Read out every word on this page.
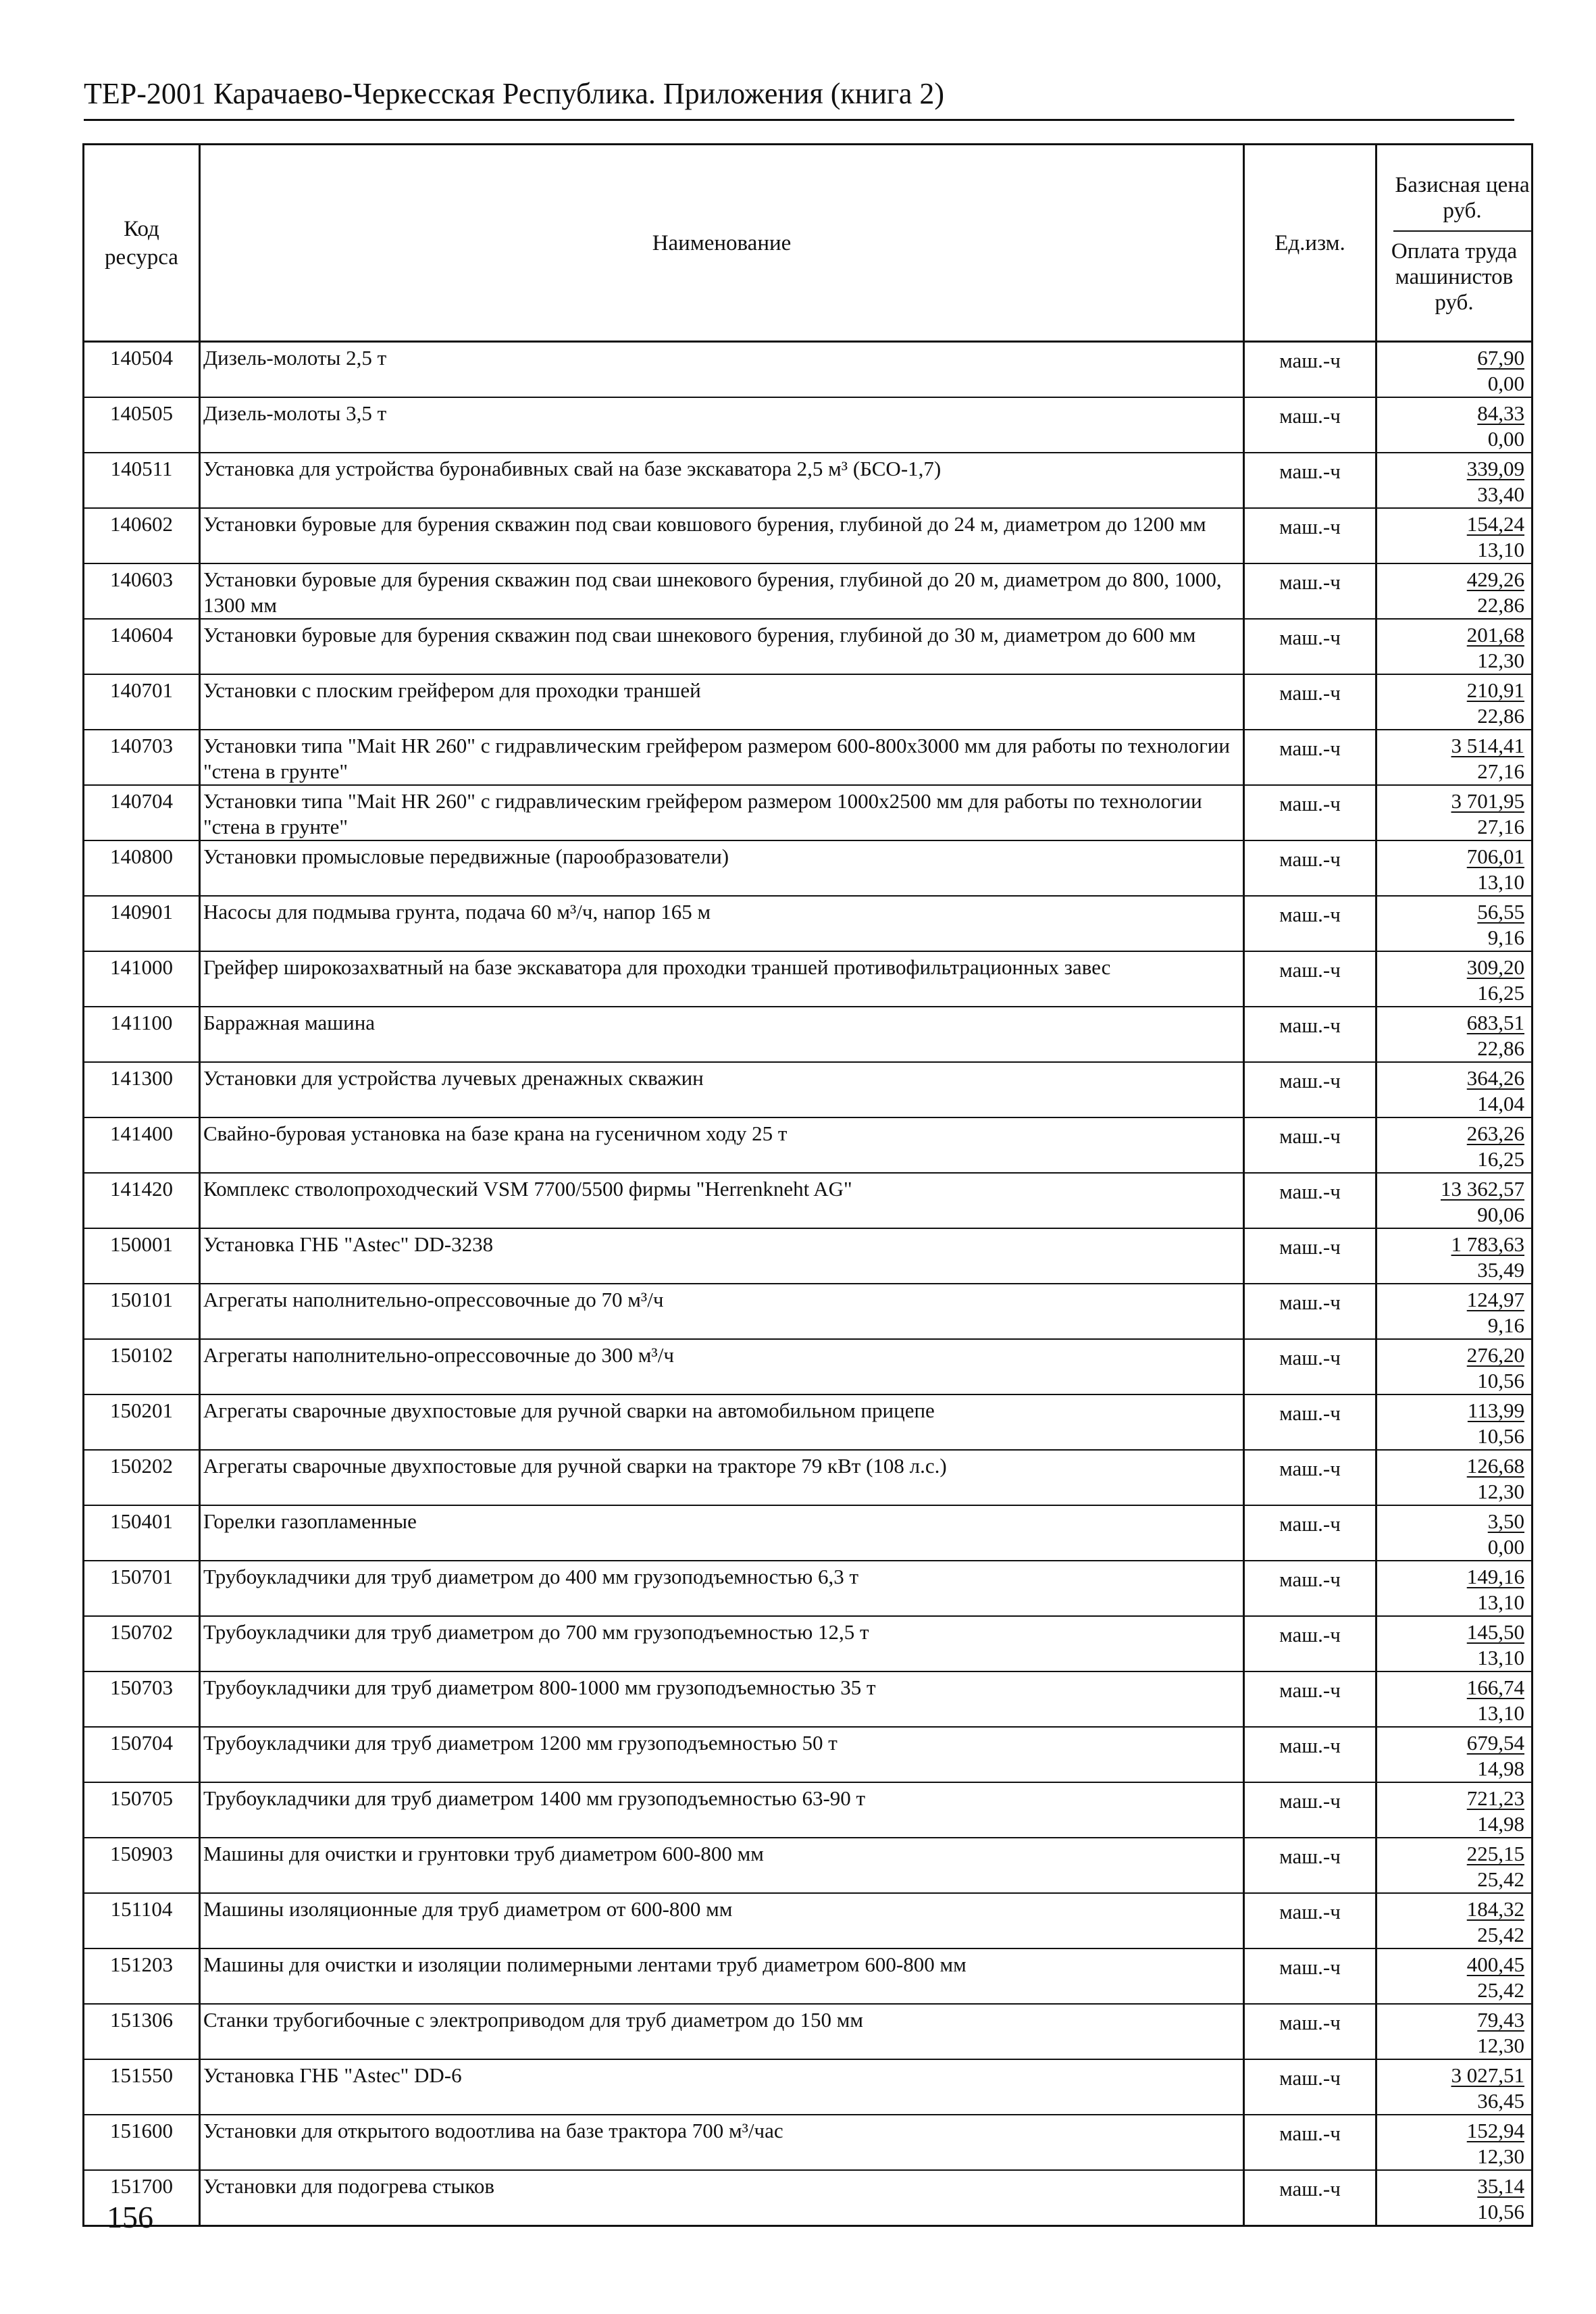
ТЕР-2001 Карачаево-Черкесская Республика. Приложения (книга 2)
Код ресурса	Наименование	Ед.изм.	Базисная цена руб.
Оплата труда машинистов руб.

140504	Дизель-молоты 2,5 т	маш.-ч	67,90
0,00

140505	Дизель-молоты 3,5 т	маш.-ч	84,33
0,00

140511	Установка для устройства буронабивных свай на базе экскаватора 2,5 м³ (БСО-1,7)	маш.-ч	339,09
33,40

140602	Установки буровые для бурения скважин под сваи ковшового бурения, глубиной до 24 м, диаметром до 1200 мм	маш.-ч	154,24
13,10

140603	Установки буровые для бурения скважин под сваи шнекового бурения, глубиной до 20 м, диаметром до 800, 1000, 1300 мм	маш.-ч	429,26
22,86

140604	Установки буровые для бурения скважин под сваи шнекового бурения, глубиной до 30 м, диаметром до 600 мм	маш.-ч	201,68
12,30

140701	Установки с плоским грейфером для проходки траншей	маш.-ч	210,91
22,86

140703	Установки типа "Mait HR 260" с гидравлическим грейфером размером 600-800x3000 мм для работы по технологии "стена в грунте"	маш.-ч	3 514,41
27,16

140704	Установки типа "Mait HR 260" с гидравлическим грейфером размером 1000x2500 мм для работы по технологии "стена в грунте"	маш.-ч	3 701,95
27,16

140800	Установки промысловые передвижные (парообразователи)	маш.-ч	706,01
13,10

140901	Насосы для подмыва грунта, подача 60 м³/ч, напор 165 м	маш.-ч	56,55
9,16

141000	Грейфер широкозахватный на базе экскаватора для проходки траншей противофильтрационных завес	маш.-ч	309,20
16,25

141100	Барражная машина	маш.-ч	683,51
22,86

141300	Установки для устройства лучевых дренажных скважин	маш.-ч	364,26
14,04

141400	Свайно-буровая установка на базе крана на гусеничном ходу 25 т	маш.-ч	263,26
16,25

141420	Комплекс стволопроходческий VSM 7700/5500 фирмы "Herrenkneht AG"	маш.-ч	13 362,57
90,06

150001	Установка ГНБ "Astec" DD-3238	маш.-ч	1 783,63
35,49

150101	Агрегаты наполнительно-опрессовочные до 70 м³/ч	маш.-ч	124,97
9,16

150102	Агрегаты наполнительно-опрессовочные до 300 м³/ч	маш.-ч	276,20
10,56

150201	Агрегаты сварочные двухпостовые для ручной сварки на автомобильном прицепе	маш.-ч	113,99
10,56

150202	Агрегаты сварочные двухпостовые для ручной сварки на тракторе 79 кВт (108 л.с.)	маш.-ч	126,68
12,30

150401	Горелки газопламенные	маш.-ч	3,50
0,00

150701	Трубоукладчики для труб диаметром до 400 мм грузоподъемностью 6,3 т	маш.-ч	149,16
13,10

150702	Трубоукладчики для труб диаметром до 700 мм грузоподъемностью 12,5 т	маш.-ч	145,50
13,10

150703	Трубоукладчики для труб диаметром 800-1000 мм грузоподъемностью 35 т	маш.-ч	166,74
13,10

150704	Трубоукладчики для труб диаметром 1200 мм грузоподъемностью 50 т	маш.-ч	679,54
14,98

150705	Трубоукладчики для труб диаметром 1400 мм грузоподъемностью 63-90 т	маш.-ч	721,23
14,98

150903	Машины для очистки и грунтовки труб диаметром 600-800 мм	маш.-ч	225,15
25,42

151104	Машины изоляционные для труб диаметром от 600-800 мм	маш.-ч	184,32
25,42

151203	Машины для очистки и изоляции полимерными лентами труб диаметром 600-800 мм	маш.-ч	400,45
25,42

151306	Станки трубогибочные с электроприводом для труб диаметром до 150 мм	маш.-ч	79,43
12,30

151550	Установка ГНБ "Astec" DD-6	маш.-ч	3 027,51
36,45

151600	Установки для открытого водоотлива на базе трактора 700 м³/час	маш.-ч	152,94
12,30

151700	Установки для подогрева стыков	маш.-ч	35,14
10,56
156
